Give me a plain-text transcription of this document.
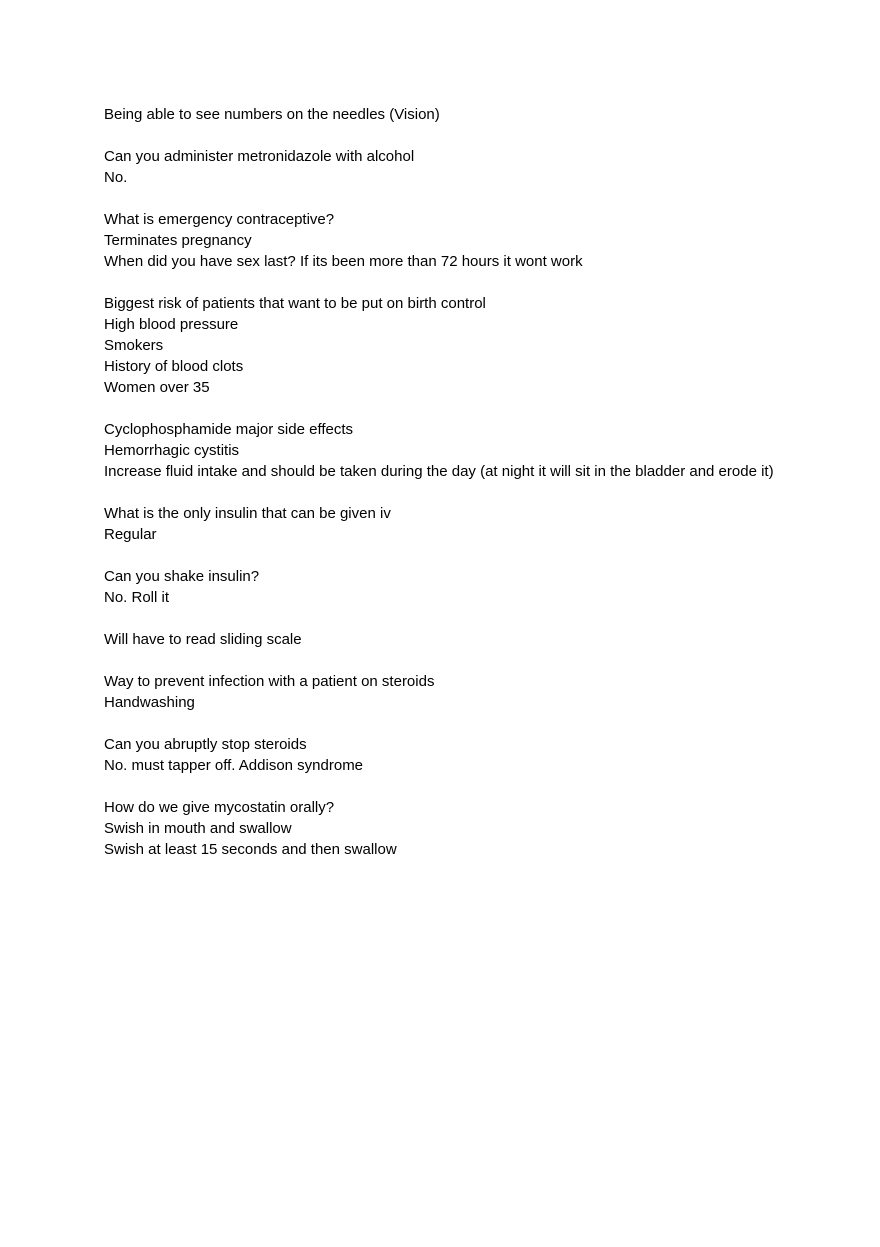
Being able to see numbers on the needles (Vision)
Can you administer metronidazole with alcohol
No.
What is emergency contraceptive?
Terminates pregnancy
When did you have sex last? If its been more than 72 hours it wont work
Biggest risk of patients that want to be put on birth control
High blood pressure
Smokers
History of blood clots
Women over 35
Cyclophosphamide major side effects
Hemorrhagic cystitis
Increase fluid intake and should be taken during the day (at night it will sit in the bladder and erode it)
What is the only insulin that can be given iv
Regular
Can you shake insulin?
No. Roll it
Will have to read sliding scale
Way to prevent infection with a patient on steroids
Handwashing
Can you abruptly stop steroids
No. must tapper off. Addison syndrome
How do we give mycostatin orally?
Swish in mouth and swallow
Swish at least 15 seconds and then swallow
